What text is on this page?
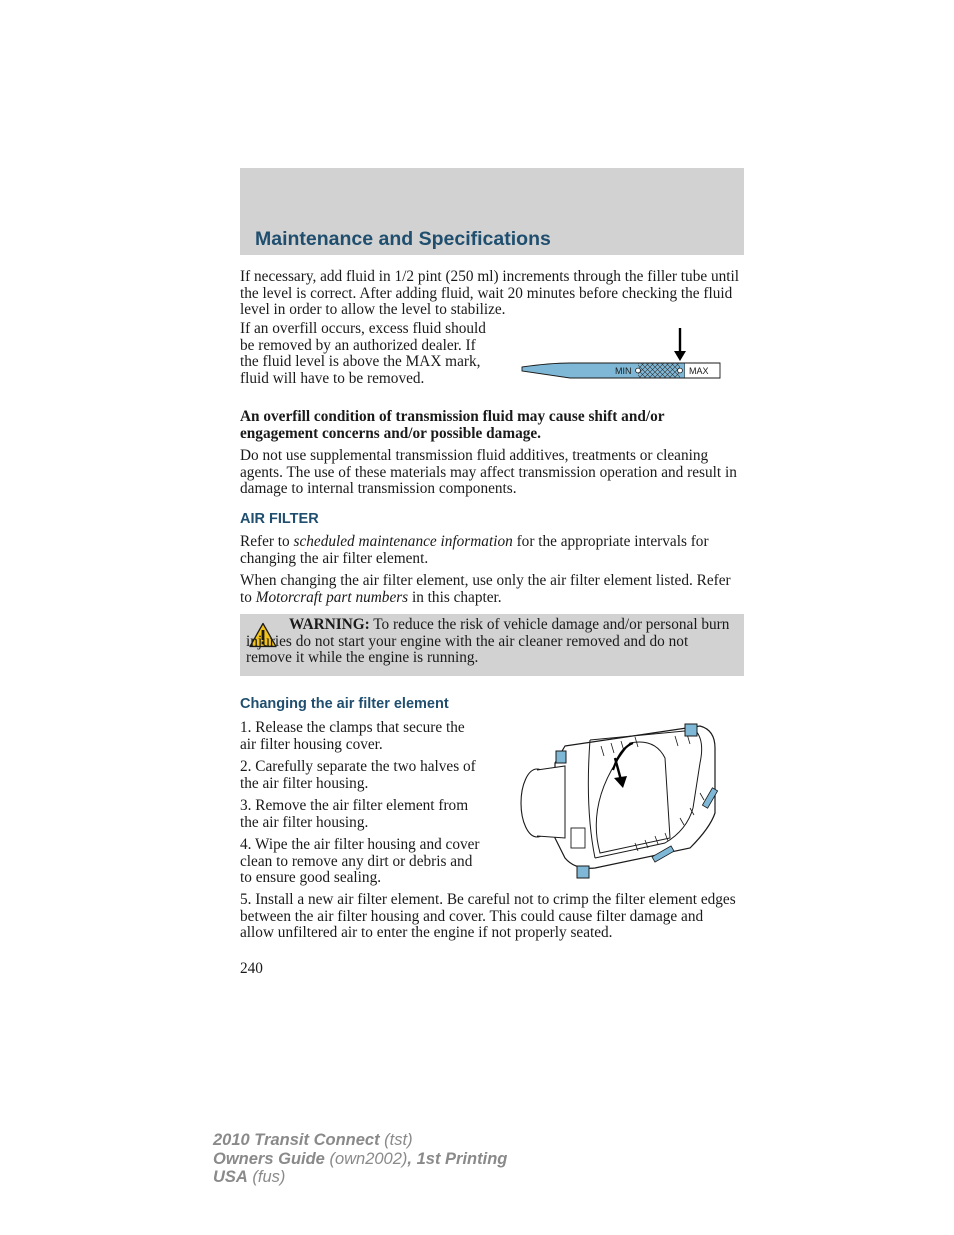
Maintenance and Specifications
If necessary, add fluid in 1/2 pint (250 ml) increments through the filler tube until the level is correct. After adding fluid, wait 20 minutes before checking the fluid level in order to allow the level to stabilize.
If an overfill occurs, excess fluid should be removed by an authorized dealer. If the fluid level is above the MAX mark, fluid will have to be removed.	MIN	MAX
An overfill condition of transmission fluid may cause shift and/or engagement concerns and/or possible damage.
Do not use supplemental transmission fluid additives, treatments or cleaning agents. The use of these materials may affect transmission operation and result in damage to internal transmission components.
AIR FILTER
Refer to scheduled maintenance information for the appropriate intervals for changing the air filter element.
When changing the air filter element, use only the air filter element listed. Refer to Motorcraft part numbers in this chapter.
WARNING: To reduce the risk of vehicle damage and/or personal burn injuries do not start your engine with the air cleaner removed and do not remove it while the engine is running.
Changing the air filter element
1. Release the clamps that secure the air filter housing cover.
2. Carefully separate the two halves of the air filter housing.
3. Remove the air filter element from the air filter housing.
4. Wipe the air filter housing and cover clean to remove any dirt or debris and to ensure good sealing.
5. Install a new air filter element. Be careful not to crimp the filter element edges between the air filter housing and cover. This could cause filter damage and allow unfiltered air to enter the engine if not properly seated.
240
2010 Transit Connect (tst)
Owners Guide (own2002), 1st Printing
USA (fus)
